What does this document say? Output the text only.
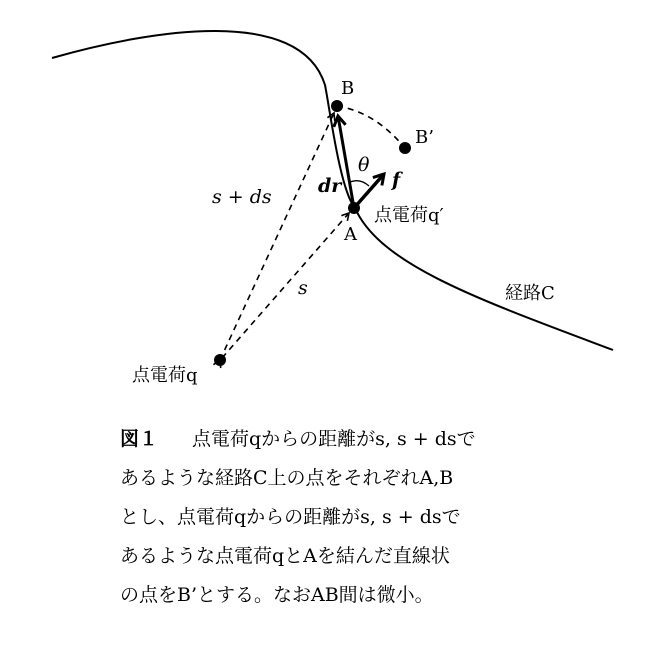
B
B’
θ
dr	f
A
点電荷q′
s + ds
s	経路C
点電荷q
図１ 点電荷qからの距離がs, s + dsで
あるような経路C上の点をそれぞれA,B
とし、点電荷qからの距離がs, s + dsで
あるような点電荷qとAを結んだ直線状
の点をB’とする。なおAB間は微小。
